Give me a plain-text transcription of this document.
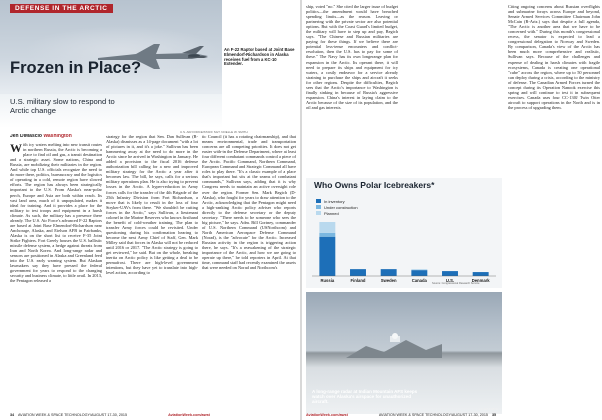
DEFENSE IN THE ARCTIC
Frozen in Place?
U.S. military slow to respond to Arctic change
U.S. AIR FORCE/STAFF SGT. NOELLE W. SMITH
An F-22 Raptor based at Joint Base Elmendorf-Richardson in Alaska receives fuel from a KC-10 Extender.
Jen DiMascio Washington

With icy waters melting into new transit routes in northern Russia, the Arctic is becoming a place to find oil and gas, a transit destination and a strategic asset. Some nations, China and Russia, are mobilizing their militaries in the region. And while top U.S. officials recognize the need to do more there, politics, bureaucracy and the logistics of operating in a cold, remote region have slowed efforts. The region has always been strategically important to the U.S. From Alaska's near-polar perch, Europe and Asia are both within reach. Its vast land area, much of it unpopulated, makes it ideal for training. And it provides a place for the military to test troops and equipment in a harsh climate. As such, the military has a presence there already. The U.S. Air Force's advanced F-22 Raptors are based at Joint Base Elmendorf-Richardson near Anchorage, Alaska, and Eielson AFB in Fairbanks, Alaska is on the short list to receive F-35 Joint Strike Fighters. Fort Greely houses the U.S. ballistic missile defense system, a hedge against threats from Iran and North Korea. And long-range radar and sensors are positioned in Alaska and Greenland feed into the U.S. early warning system. But Alaskan lawmakers say they have pressed the federal government for years to respond to the changing security and business climate, to little avail. In 2013, the Pentagon released a

strategy for the region that Sen. Dan Sullivan (R-Alaska) dismisses as a 14-page document "with a lot of pictures in it, and it's a joke." Sullivan has been hammering away at the need to do more in the Arctic since he arrived in Washington in January. He added a provision to the fiscal 2016 defense authorization bill calling for a new and improved military strategy for the Arctic a year after it becomes law. The bill, he says, calls for a serious military operations plan. He is also trying to prevent losses in the Arctic. A hyper-reduction in Army forces calls for the transfer of the 4th Brigade of the 25th Infantry Division from Fort Richardson, a move that is likely to result in the loss of four Stryker-UAVs from there. "We shouldn't be cutting forces in the Arctic," says Sullivan, a lieutenant colonel in the Marine Reserves who knows firsthand the benefit of cold-weather training. The plan to transfer Army forces could be revisited. Under questioning during his confirmation hearing to become the next Army Chief of Staff, Gen. Mark Milley said that forces in Alaska will not be reduced until 2016 or 2017. "The Arctic strategy is going to get reviewed," he said. But on the whole, breaking inertia on Arctic policy is like getting a deal to be permafrost. There are high-level government intentions, but they have yet to translate into high-level action, according to

tic Council (it has a rotating chairmanship), and that means environmental, trade and transportation concerns are all competing priorities. It does not get easier with-in the Defense Department, where at least four different combatant commands control a piece of the Arctic. Pacific Command, Northern Command, European Command and Strategic Command all have roles to play there. "It's a classic example of a place that's important but sits at the seams of combatant commands," Sullivan says, adding that it is why Congress needs to maintain an active oversight role over the region. Former Sen. Mark Begich (D-Alaska), who fought for years to draw attention to the Arctic, acknowledging that the Pentagon might need a high-ranking Arctic policy adviser who reports directly to the defense secretary or the deputy secretary. "There needs to be someone who sees the big picture," he says. Adm. Bill Gortney, commander of U.S. Northern Command (USNorthcom) and North American Aerospace Defense Command (Norad), is the "advocate" for the Arctic. Increased Russian activity in the region is triggering action there, he says. "It's a reawakening of the strategic importance of the Arctic, and how we are going to operate up there," he told reporters in April. At that time, command staff had recently examined the assets that were needed on Norad and Northcom's

34 AVIATION WEEK & SPACE TECHNOLOGY/AUGUST 17-30, 2015	AviationWeek.com/awst

ship, voted "no." She cited the larger issue of budget politics—the amendment would have breached spending limits—as the reason. Leaving or partnering with the private sector are also potential options. But with the Coast Guard's limited budget, the military will have to step up and pay, Begich says. "The Chinese and Russian militaries are paying for these things. If we believe there are potential less-tense encounters and conflict-resolution, then the U.S. has to pay for some of these." The Navy has its own longerange plan for expansion in the Arctic. Its operant there, it will need to prepare its ships and equipment for icy waters, a costly endeavor for a service already straining to purchase the ships and aircraft it seeks for other regions. Despite the difficulties, Begich sees that the Arctic's importance to Washington is finally sinking in because of Russia's aggressive expansion. China's interest in laying claim to the Arctic because of the size of its population, and the oil and gas interests.

Citing ongoing concerns about Russian overflights and submarine forays across Europe and beyond, Senate Armed Services Committee Chairman John McCain (R-Ariz.) says that despite a full agenda, "The Arctic is another area that we have to be concerned with." During this month's congressional recess, the senator is expected to lead a congressional delegation to Norway and Sweden. By comparison, Canada's view of the Arctic has been much more comprehensive and realistic, Sullivan says. Because of the challenges and expense of dealing in harsh climates with fragile ecosystems, Canada is creating one operational "cube" across the region, where up to 50 personnel can deploy during a crisis, according to the ministry of defense. The Canadian Armed Forces turned the concept during its Operation Nanook exercise this spring and will continue to test it in subsequent exercises. Canada uses four CC-130J Twin Otter aircraft to support operations in the North and is in the process of upgrading them.

Who Owns Polar Icebreakers*
In inventory
Under construction
Planned
Russia	Finland	Sweden	Canada	U.S.	Denmark
Source: Congressional Research Service
A long-range radar at Indian Mountain AFS keeps watch over Alaska's airspace for unauthorized aircraft.
U.S. AIR FORCE
AviationWeek.com/awst	AVIATION WEEK & SPACE TECHNOLOGY/AUGUST 17-30, 2015 35
